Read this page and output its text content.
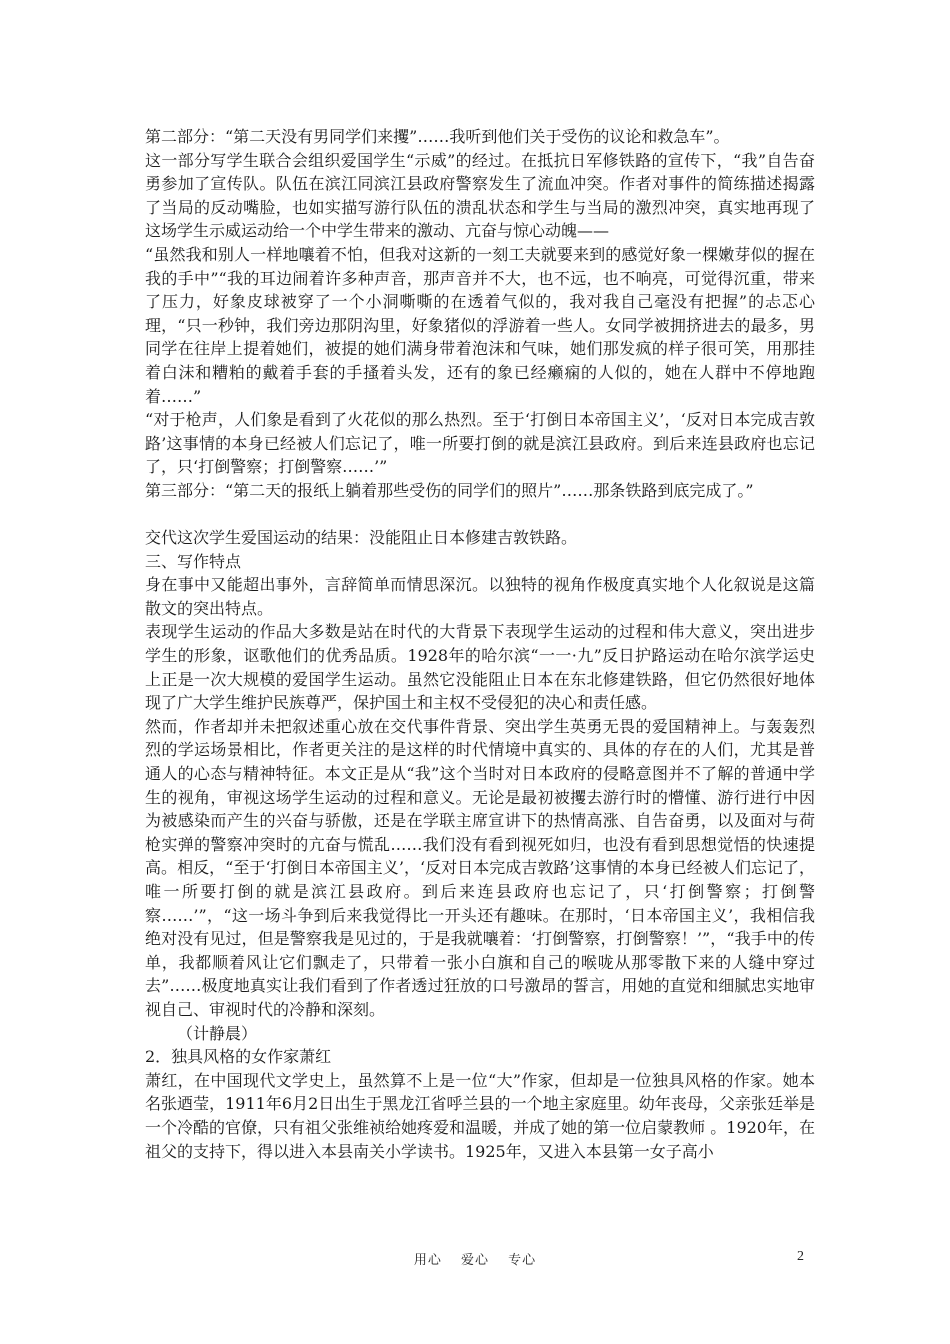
第二部分：“第二天没有男同学们来攫”……我听到他们关于受伤的议论和救急车”。

这一部分写学生联合会组织爱国学生“示威”的经过。在抵抗日军修铁路的宣传下，“我”自告奋勇参加了宣传队。队伍在滨江同滨江县政府警察发生了流血冲突。作者对事件的简练描述揭露了当局的反动嘴脸，也如实描写游行队伍的溃乱状态和学生与当局的激烈冲突，真实地再现了这场学生示威运动给一个中学生带来的激动、亢奋与惊心动魄——

“虽然我和别人一样地嚷着不怕，但我对这新的一刻工夫就要来到的感觉好象一棵嫩芽似的握在我的手中”“我的耳边闹着许多种声音，那声音并不大，也不远，也不响亮，可觉得沉重，带来了压力，好象皮球被穿了一个小洞嘶嘶的在透着气似的，我对我自己毫没有把握”的忐忑心理，“只一秒钟，我们旁边那阴沟里，好象猪似的浮游着一些人。女同学被拥挤进去的最多，男同学在往岸上提着她们，被提的她们满身带着泡沫和气味，她们那发疯的样子很可笑，用那挂着白沫和糟粕的戴着手套的手搔着头发，还有的象已经癞痫的人似的，她在人群中不停地跑着……”

“对于枪声，人们象是看到了火花似的那么热烈。至于‘打倒日本帝国主义’，‘反对日本完成吉敦路’这事情的本身已经被人们忘记了，唯一所要打倒的就是滨江县政府。到后来连县政府也忘记了，只‘打倒警察；打倒警察……’”

第三部分：“第二天的报纸上躺着那些受伤的同学们的照片”……那条铁路到底完成了。”

交代这次学生爱国运动的结果：没能阻止日本修建吉敦铁路。

三、写作特点

身在事中又能超出事外，言辞简单而情思深沉。以独特的视角作极度真实地个人化叙说是这篇散文的突出特点。

表现学生运动的作品大多数是站在时代的大背景下表现学生运动的过程和伟大意义，突出进步学生的形象，讴歌他们的优秀品质。1928年的哈尔滨“一一·九”反日护路运动在哈尔滨学运史上正是一次大规模的爱国学生运动。虽然它没能阻止日本在东北修建铁路，但它仍然很好地体现了广大学生维护民族尊严，保护国土和主权不受侵犯的决心和责任感。

然而，作者却并未把叙述重心放在交代事件背景、突出学生英勇无畏的爱国精神上。与轰轰烈烈的学运场景相比，作者更关注的是这样的时代情境中真实的、具体的存在的人们，尤其是普通人的心态与精神特征。本文正是从“我”这个当时对日本政府的侵略意图并不了解的普通中学生的视角，审视这场学生运动的过程和意义。无论是最初被攫去游行时的懵懂、游行进行中因为被感染而产生的兴奋与骄傲，还是在学联主席宣讲下的热情高涨、自告奋勇，以及面对与荷枪实弹的警察冲突时的亢奋与慌乱……我们没有看到视死如归，也没有看到思想觉悟的快速提高。相反，“至于‘打倒日本帝国主义’，‘反对日本完成吉敦路’这事情的本身已经被人们忘记了，唯一所要打倒的就是滨江县政府。到后来连县政府也忘记了，只‘打倒警察；打倒警察……’”，“这一场斗争到后来我觉得比一开头还有趣味。在那时，‘日本帝国主义’，我相信我绝对没有见过，但是警察我是见过的，于是我就嚷着：‘打倒警察，打倒警察！’”，“我手中的传单，我都顺着风让它们飘走了，只带着一张小白旗和自己的喉咙从那零散下来的人缝中穿过去”……极度地真实让我们看到了作者透过狂放的口号激昂的誓言，用她的直觉和细腻忠实地审视自己、审视时代的冷静和深刻。

（计静晨）

2．独具风格的女作家萧红

萧红，在中国现代文学史上，虽然算不上是一位“大”作家，但却是一位独具风格的作家。她本名张迺莹，1911年6月2日出生于黑龙江省呼兰县的一个地主家庭里。幼年丧母，父亲张廷举是一个冷酷的官僚，只有祖父张维祯给她疼爱和温暖，并成了她的第一位启蒙教师 。1920年，在祖父的支持下，得以进入本县南关小学读书。1925年，又进入本县第一女子高小

用心 爱心 专心	2
